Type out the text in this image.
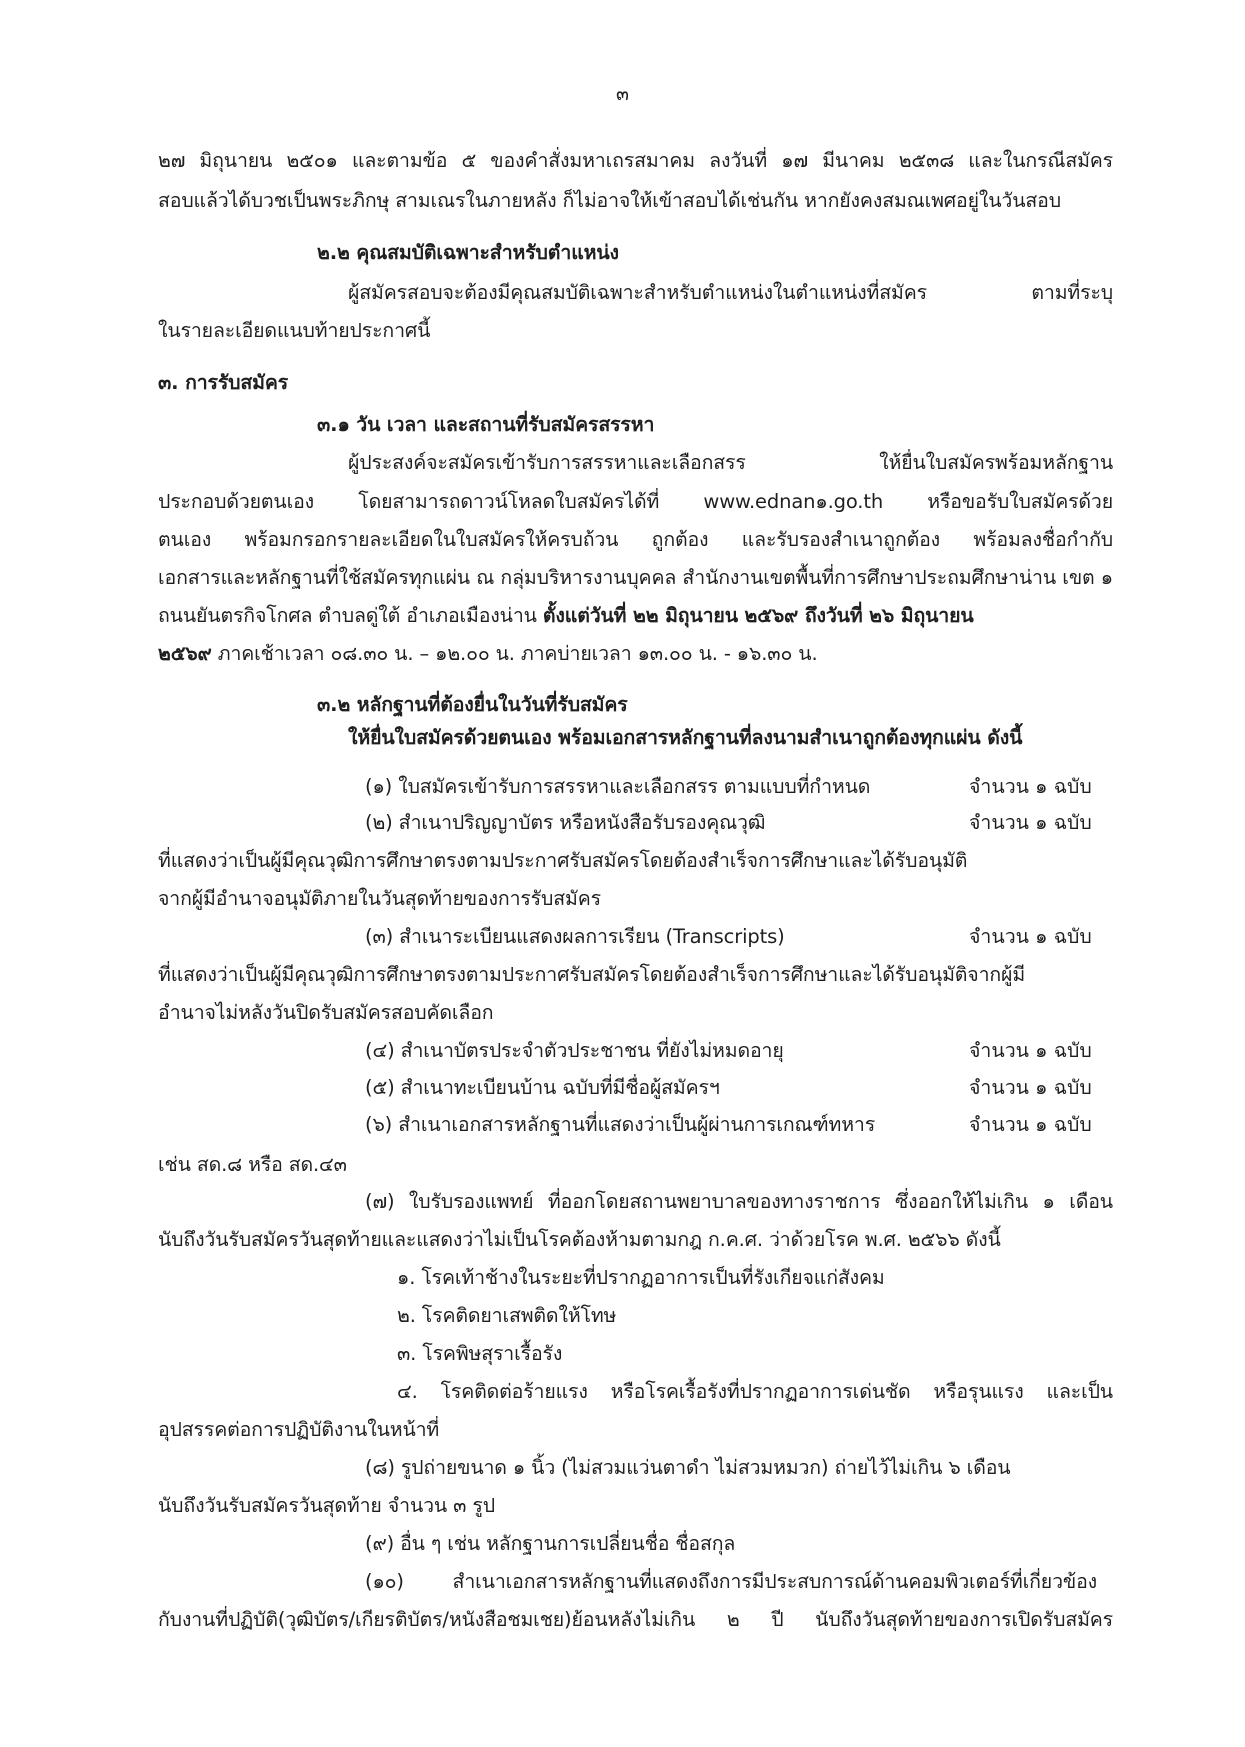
๓
๒๗ มิถุนายน ๒๕๐๑ และตามข้อ ๕ ของคำสั่งมหาเถรสมาคม ลงวันที่ ๑๗ มีนาคม ๒๕๓๘ และในกรณีสมัคร
สอบแล้วได้บวชเป็นพระภิกษุ สามเณรในภายหลัง ก็ไม่อาจให้เข้าสอบได้เช่นกัน หากยังคงสมณเพศอยู่ในวันสอบ
๒.๒ คุณสมบัติเฉพาะสำหรับตำแหน่ง
ผู้สมัครสอบจะต้องมีคุณสมบัติเฉพาะสำหรับตำแหน่งในตำแหน่งที่สมัคร ตามที่ระบุ
ในรายละเอียดแนบท้ายประกาศนี้
๓. การรับสมัคร
๓.๑ วัน เวลา และสถานที่รับสมัครสรรหา
ผู้ประสงค์จะสมัครเข้ารับการสรรหาและเลือกสรร ให้ยื่นใบสมัครพร้อมหลักฐาน
ประกอบด้วยตนเอง โดยสามารถดาวน์โหลดใบสมัครได้ที่ www.ednan๑.go.th หรือขอรับใบสมัครด้วย
ตนเอง พร้อมกรอกรายละเอียดในใบสมัครให้ครบถ้วน ถูกต้อง และรับรองสำเนาถูกต้อง พร้อมลงชื่อกำกับ
เอกสารและหลักฐานที่ใช้สมัครทุกแผ่น ณ กลุ่มบริหารงานบุคคล สำนักงานเขตพื้นที่การศึกษาประถมศึกษาน่าน เขต ๑
ถนนยันตรกิจโกศล ตำบลดู่ใต้ อำเภอเมืองน่าน ตั้งแต่วันที่ ๒๒ มิถุนายน ๒๕๖๙ ถึงวันที่ ๒๖ มิถุนายน
๒๕๖๙ ภาคเช้าเวลา ๐๘.๓๐ น. – ๑๒.๐๐ น. ภาคบ่ายเวลา ๑๓.๐๐ น. - ๑๖.๓๐ น.
๓.๒ หลักฐานที่ต้องยื่นในวันที่รับสมัคร
ให้ยื่นใบสมัครด้วยตนเอง พร้อมเอกสารหลักฐานที่ลงนามสำเนาถูกต้องทุกแผ่น ดังนี้
(๑) ใบสมัครเข้ารับการสรรหาและเลือกสรร ตามแบบที่กำหนด	จำนวน ๑ ฉบับ
(๒) สำเนาปริญญาบัตร หรือหนังสือรับรองคุณวุฒิ	จำนวน ๑ ฉบับ
ที่แสดงว่าเป็นผู้มีคุณวุฒิการศึกษาตรงตามประกาศรับสมัครโดยต้องสำเร็จการศึกษาและได้รับอนุมัติ
จากผู้มีอำนาจอนุมัติภายในวันสุดท้ายของการรับสมัคร
(๓) สำเนาระเบียนแสดงผลการเรียน (Transcripts)	จำนวน ๑ ฉบับ
ที่แสดงว่าเป็นผู้มีคุณวุฒิการศึกษาตรงตามประกาศรับสมัครโดยต้องสำเร็จการศึกษาและได้รับอนุมัติจากผู้มี
อำนาจไม่หลังวันปิดรับสมัครสอบคัดเลือก
(๔) สำเนาบัตรประจำตัวประชาชน ที่ยังไม่หมดอายุ	จำนวน ๑ ฉบับ
(๕) สำเนาทะเบียนบ้าน ฉบับที่มีชื่อผู้สมัครฯ	จำนวน ๑ ฉบับ
(๖) สำเนาเอกสารหลักฐานที่แสดงว่าเป็นผู้ผ่านการเกณฑ์ทหาร	จำนวน ๑ ฉบับ
เช่น สด.๘ หรือ สด.๔๓
(๗) ใบรับรองแพทย์ ที่ออกโดยสถานพยาบาลของทางราชการ ซึ่งออกให้ไม่เกิน ๑ เดือน
นับถึงวันรับสมัครวันสุดท้ายและแสดงว่าไม่เป็นโรคต้องห้ามตามกฎ ก.ค.ศ. ว่าด้วยโรค พ.ศ. ๒๕๖๖ ดังนี้
๑. โรคเท้าช้างในระยะที่ปรากฏอาการเป็นที่รังเกียจแก่สังคม
๒. โรคติดยาเสพติดให้โทษ
๓. โรคพิษสุราเรื้อรัง
๔. โรคติดต่อร้ายแรง หรือโรคเรื้อรังที่ปรากฏอาการเด่นชัด หรือรุนแรง และเป็น
อุปสรรคต่อการปฏิบัติงานในหน้าที่
(๘) รูปถ่ายขนาด ๑ นิ้ว (ไม่สวมแว่นตาดำ ไม่สวมหมวก) ถ่ายไว้ไม่เกิน ๖ เดือน
นับถึงวันรับสมัครวันสุดท้าย จำนวน ๓ รูป
(๙) อื่น ๆ เช่น หลักฐานการเปลี่ยนชื่อ ชื่อสกุล
(๑๐) สำเนาเอกสารหลักฐานที่แสดงถึงการมีประสบการณ์ด้านคอมพิวเตอร์ที่เกี่ยวข้อง
กับงานที่ปฏิบัติ(วุฒิบัตร/เกียรติบัตร/หนังสือชมเชย)ย้อนหลังไม่เกิน ๒ ปี นับถึงวันสุดท้ายของการเปิดรับสมัคร
